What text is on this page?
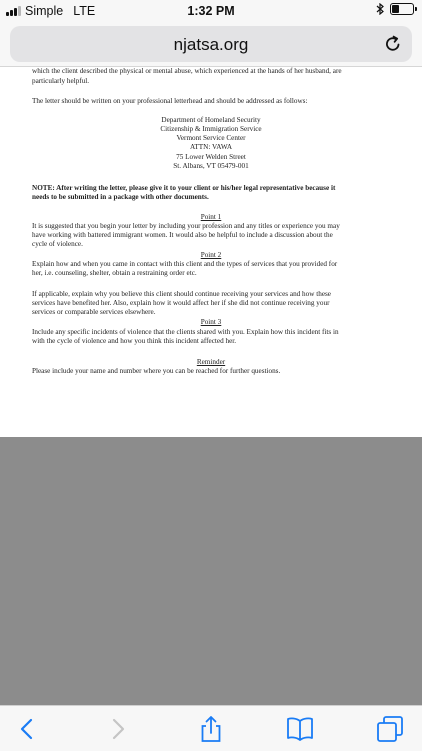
Simple LTE	1:32 PM
njatsa.org

which the client described the physical or mental abuse, which experienced at the hands of her husband, are

particularly helpful.

The letter should be written on your professional letterhead and should be addressed as follows:

Department of Homeland Security
Citizenship & Immigration Service
Vermont Service Center
ATTN: VAWA
75 Lower Welden Street
St. Albans, VT 05479-001

NOTE: After writing the letter, please give it to your client or his/her legal representative because it

needs to be submitted in a package with other documents.

Point 1

It is suggested that you begin your letter by including your profession and any titles or experience you may

have working with battered immigrant women. It would also be helpful to include a discussion about the

cycle of violence.

Point 2

Explain how and when you came in contact with this client and the types of services that you provided for

her, i.e. counseling, shelter, obtain a restraining order etc.

If applicable, explain why you believe this client should continue receiving your services and how these

services have benefited her. Also, explain how it would affect her if she did not continue receiving your

services or comparable services elsewhere.

Point 3

Include any specific incidents of violence that the clients shared with you. Explain how this incident fits in

with the cycle of violence and how you think this incident affected her.

Reminder

Please include your name and number where you can be reached for further questions.
